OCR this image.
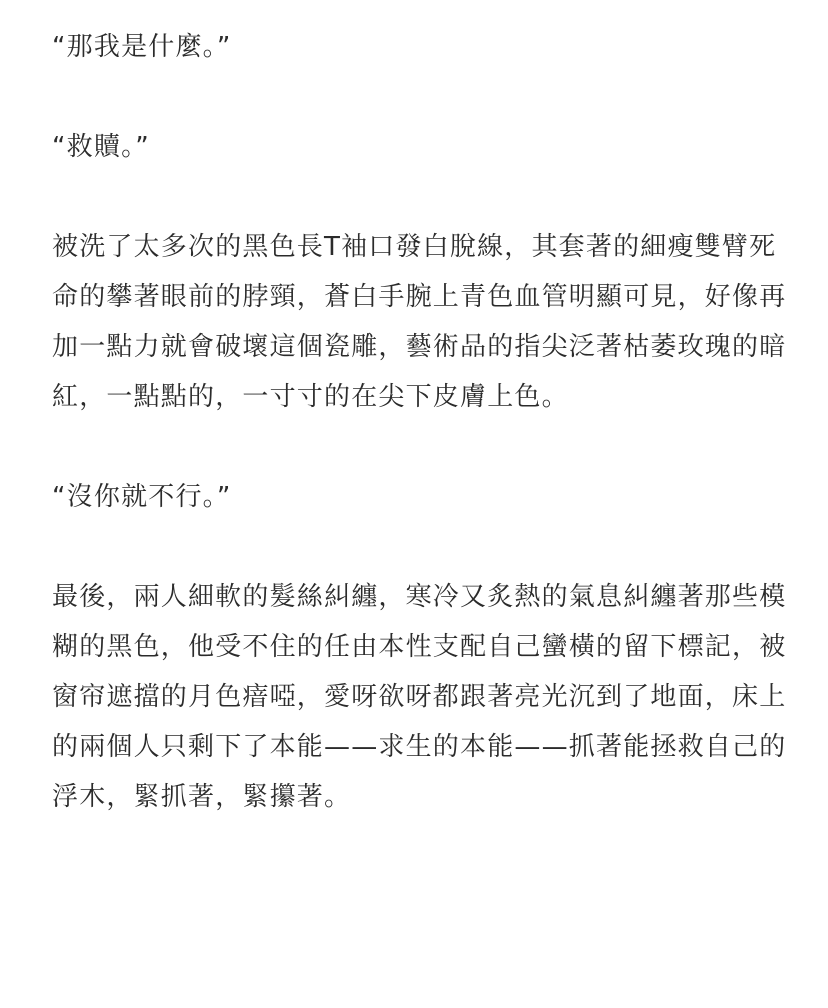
“那我是什麼。”

“救贖。”

被洗了太多次的黑色長T袖口發白脫線，其套著的細瘦雙臂死命的攀著眼前的脖頸，蒼白手腕上青色血管明顯可見，好像再加一點力就會破壞這個瓷雕，藝術品的指尖泛著枯萎玫瑰的暗紅，一點點的，一寸寸的在尖下皮膚上色。

“沒你就不行。”

最後，兩人細軟的髮絲糾纏，寒冷又炙熱的氣息糾纏著那些模糊的黑色，他受不住的任由本性支配自己蠻橫的留下標記，被窗帘遮擋的月色瘖啞，愛呀欲呀都跟著亮光沉到了地面，床上的兩個人只剩下了本能——求生的本能——抓著能拯救自己的浮木，緊抓著，緊攥著。
